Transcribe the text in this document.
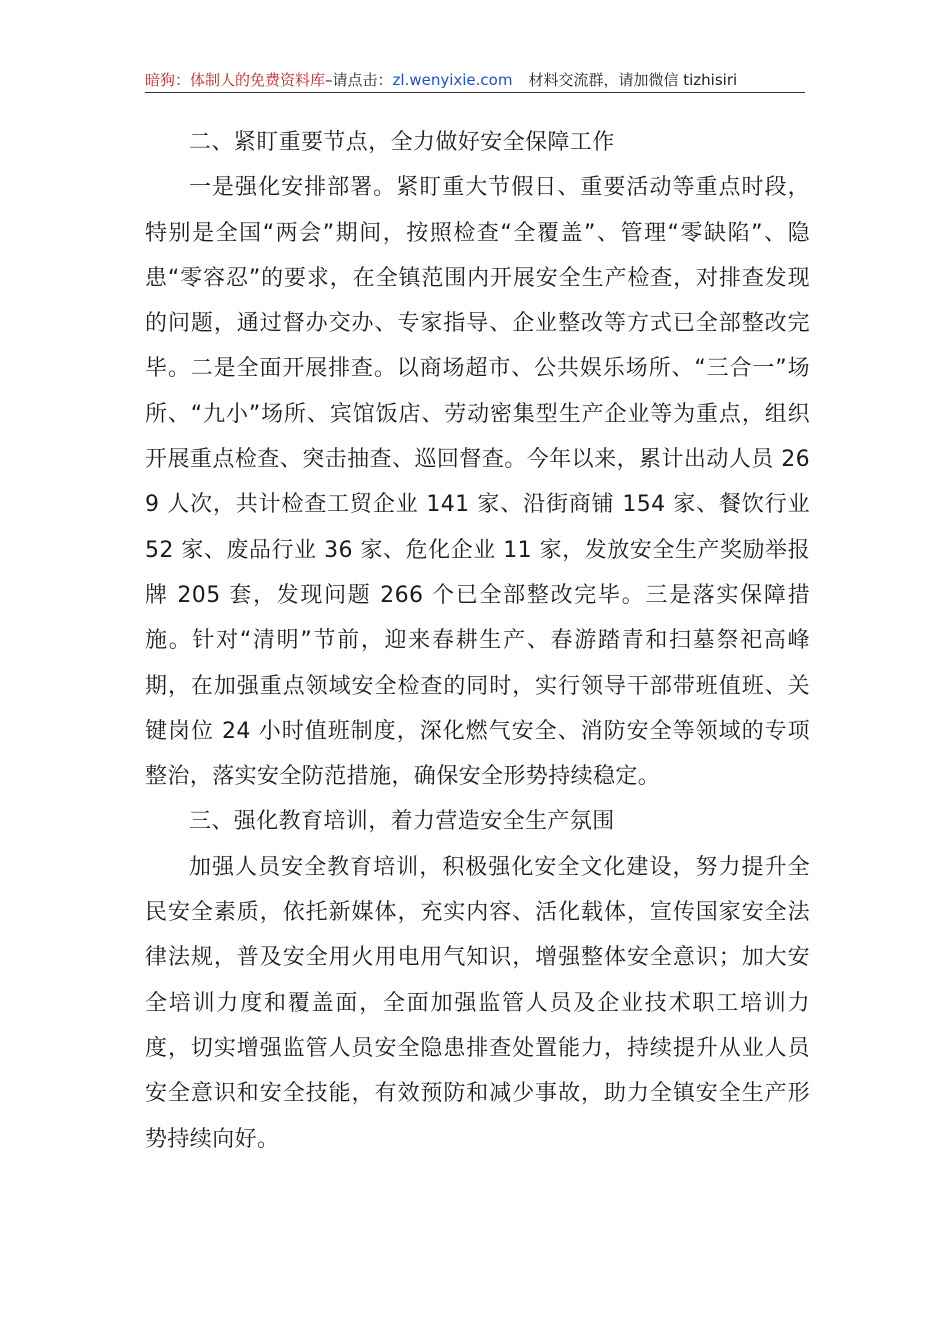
暗狗：体制人的免费资料库–请点击：zl.wenyixie.com 材料交流群，请加微信 tizhisiri

二、紧盯重要节点，全力做好安全保障工作

一是强化安排部署。紧盯重大节假日、重要活动等重点时段，特别是全国“两会”期间，按照检查“全覆盖”、管理“零缺陷”、隐患“零容忍”的要求，在全镇范围内开展安全生产检查，对排查发现的问题，通过督办交办、专家指导、企业整改等方式已全部整改完毕。二是全面开展排查。以商场超市、公共娱乐场所、“三合一”场所、“九小”场所、宾馆饭店、劳动密集型生产企业等为重点，组织开展重点检查、突击抽查、巡回督查。今年以来，累计出动人员 269 人次，共计检查工贸企业 141 家、沿街商铺 154 家、餐饮行业 52 家、废品行业 36 家、危化企业 11 家，发放安全生产奖励举报牌 205 套，发现问题 266 个已全部整改完毕。三是落实保障措施。针对“清明”节前，迎来春耕生产、春游踏青和扫墓祭祀高峰期，在加强重点领域安全检查的同时，实行领导干部带班值班、关键岗位 24 小时值班制度，深化燃气安全、消防安全等领域的专项整治，落实安全防范措施，确保安全形势持续稳定。

三、强化教育培训，着力营造安全生产氛围

加强人员安全教育培训，积极强化安全文化建设，努力提升全民安全素质，依托新媒体，充实内容、活化载体，宣传国家安全法律法规，普及安全用火用电用气知识，增强整体安全意识；加大安全培训力度和覆盖面，全面加强监管人员及企业技术职工培训力度，切实增强监管人员安全隐患排查处置能力，持续提升从业人员安全意识和安全技能，有效预防和减少事故，助力全镇安全生产形势持续向好。
